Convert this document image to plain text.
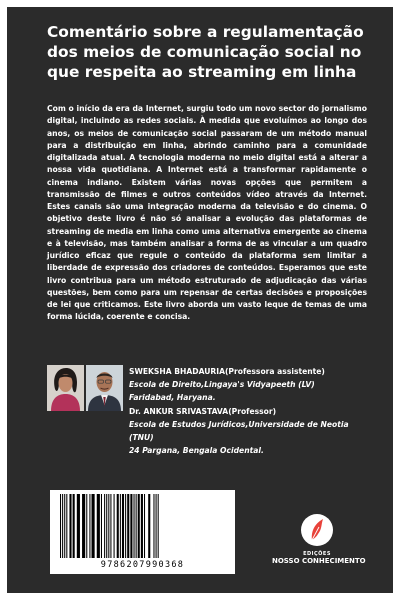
Comentário sobre a regulamentação dos meios de comunicação social no que respeita ao streaming em linha
Com o início da era da Internet, surgiu todo um novo sector do jornalismo digital, incluindo as redes sociais. À medida que evoluímos ao longo dos anos, os meios de comunicação social passaram de um método manual para a distribuição em linha, abrindo caminho para a comunidade digitalizada atual. A tecnologia moderna no meio digital está a alterar a nossa vida quotidiana. A Internet está a transformar rapidamente o cinema indiano. Existem várias novas opções que permitem a transmissão de filmes e outros conteúdos vídeo através da Internet. Estes canais são uma integração moderna da televisão e do cinema. O objetivo deste livro é não só analisar a evolução das plataformas de streaming de media em linha como uma alternativa emergente ao cinema e à televisão, mas também analisar a forma de as vincular a um quadro jurídico eficaz que regule o conteúdo da plataforma sem limitar a liberdade de expressão dos criadores de conteúdos. Esperamos que este livro contribua para um método estruturado de adjudicação das várias questões, bem como para um repensar de certas decisões e proposições de lei que criticamos. Este livro aborda um vasto leque de temas de uma forma lúcida, coerente e concisa.
SWEKSHA BHADAURIA(Professora assistente)
Escola de Direito,Lingaya's Vidyapeeth (LV)
Faridabad, Haryana.
Dr. ANKUR SRIVASTAVA(Professor)
Escola de Estudos Jurídicos,Universidade de Neotia (TNU)
24 Pargana, Bengala Ocidental.
9786207990368
EDIÇÕES
NOSSO CONHECIMENTO
